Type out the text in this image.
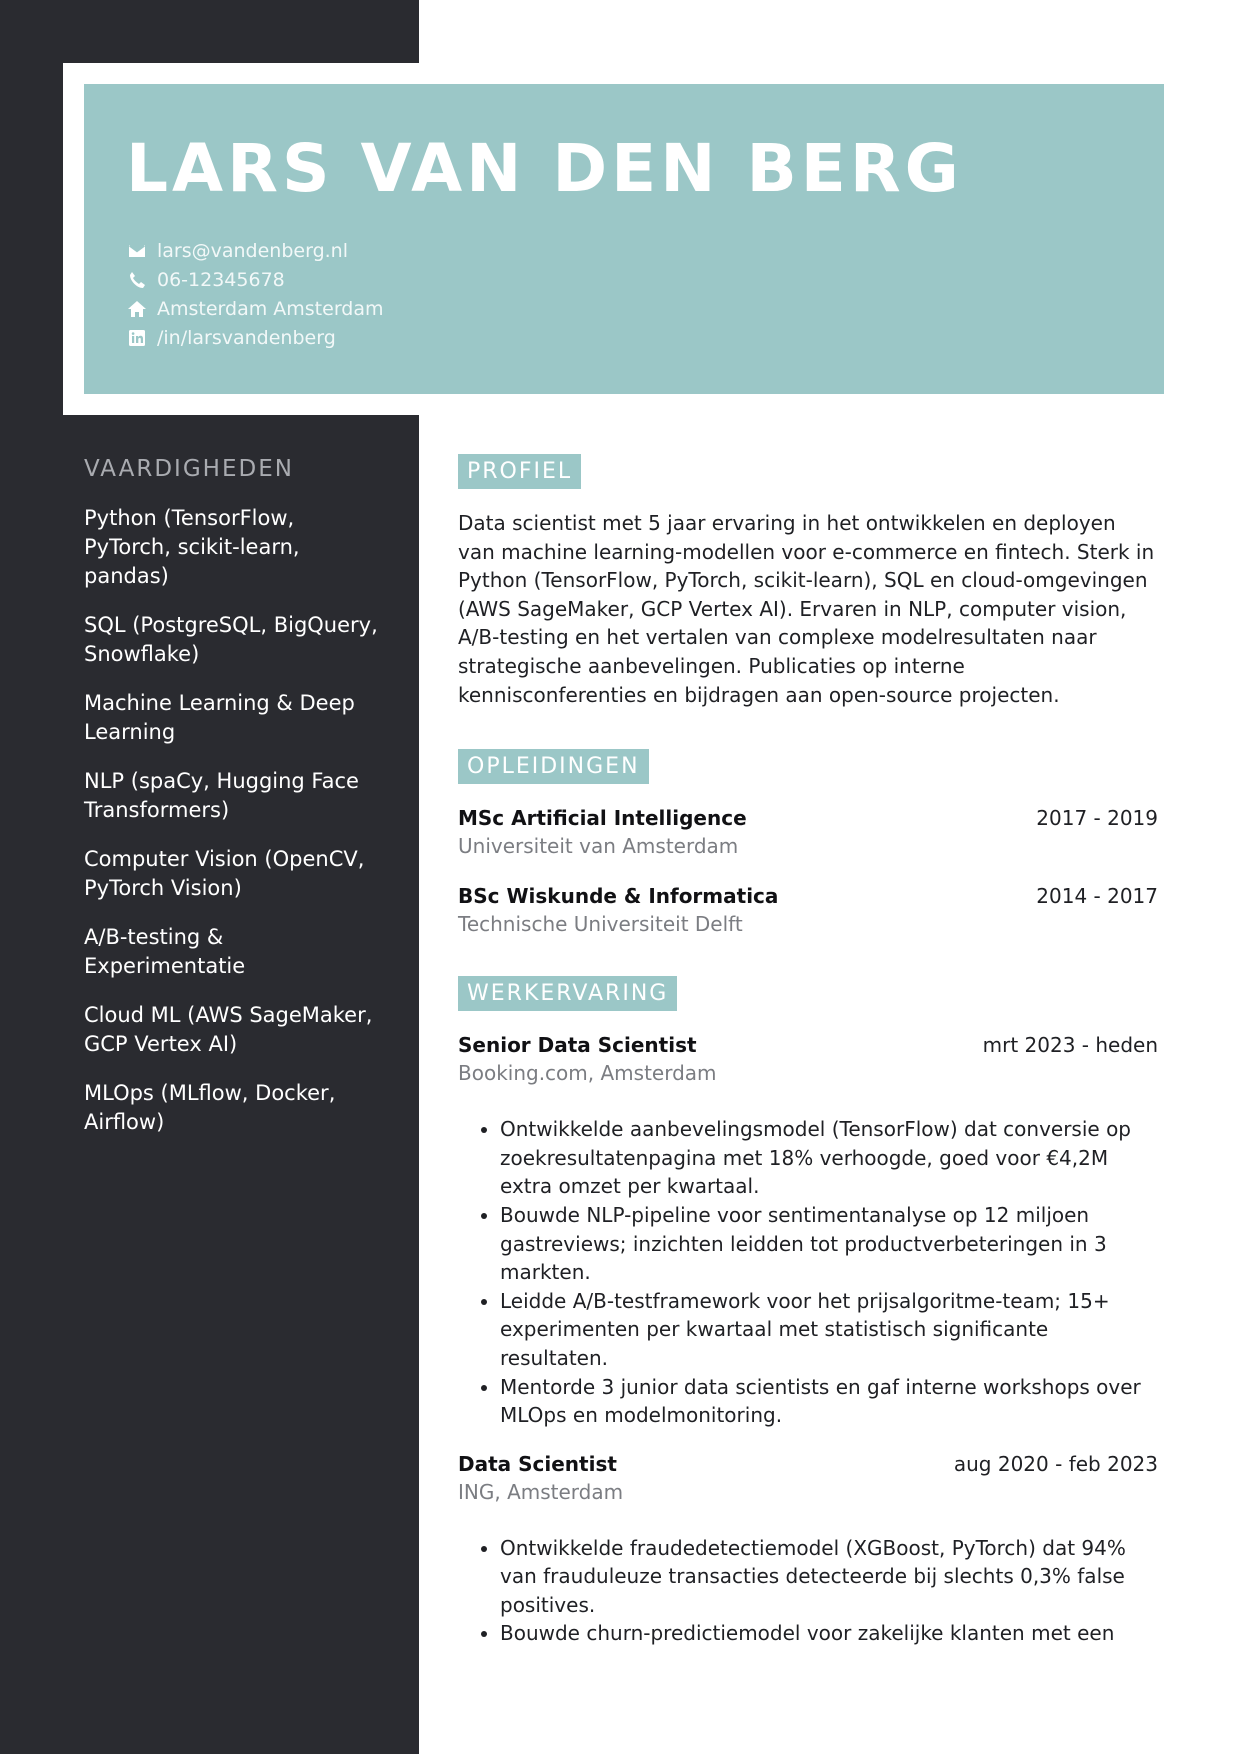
LARS VAN DEN BERG
lars@vandenberg.nl
06-12345678
Amsterdam Amsterdam
/in/larsvandenberg
VAARDIGHEDEN
Python (TensorFlow, PyTorch, scikit-learn, pandas)
SQL (PostgreSQL, BigQuery, Snowflake)
Machine Learning & Deep Learning
NLP (spaCy, Hugging Face Transformers)
Computer Vision (OpenCV, PyTorch Vision)
A/B-testing & Experimentatie
Cloud ML (AWS SageMaker, GCP Vertex AI)
MLOps (MLflow, Docker, Airflow)
PROFIEL

Data scientist met 5 jaar ervaring in het ontwikkelen en deployen van machine learning-modellen voor e-commerce en fintech. Sterk in Python (TensorFlow, PyTorch, scikit-learn), SQL en cloud-omgevingen (AWS SageMaker, GCP Vertex AI). Ervaren in NLP, computer vision, A/B-testing en het vertalen van complexe modelresultaten naar strategische aanbevelingen. Publicaties op interne kennisconferenties en bijdragen aan open-source projecten.

OPLEIDINGEN
MSc Artificial Intelligence	2017 - 2019
Universiteit van Amsterdam
BSc Wiskunde & Informatica	2014 - 2017
Technische Universiteit Delft
WERKERVARING
Senior Data Scientist	mrt 2023 - heden
Booking.com, Amsterdam
• Ontwikkelde aanbevelingsmodel (TensorFlow) dat conversie op zoekresultatenpagina met 18% verhoogde, goed voor €4,2M extra omzet per kwartaal.
• Bouwde NLP-pipeline voor sentimentanalyse op 12 miljoen gastreviews; inzichten leidden tot productverbeteringen in 3 markten.
• Leidde A/B-testframework voor het prijsalgoritme-team; 15+ experimenten per kwartaal met statistisch significante resultaten.
• Mentorde 3 junior data scientists en gaf interne workshops over MLOps en modelmonitoring.
Data Scientist	aug 2020 - feb 2023
ING, Amsterdam
• Ontwikkelde fraudedetectiemodel (XGBoost, PyTorch) dat 94% van frauduleuze transacties detecteerde bij slechts 0,3% false positives.
• Bouwde churn-predictiemodel voor zakelijke klanten met een
